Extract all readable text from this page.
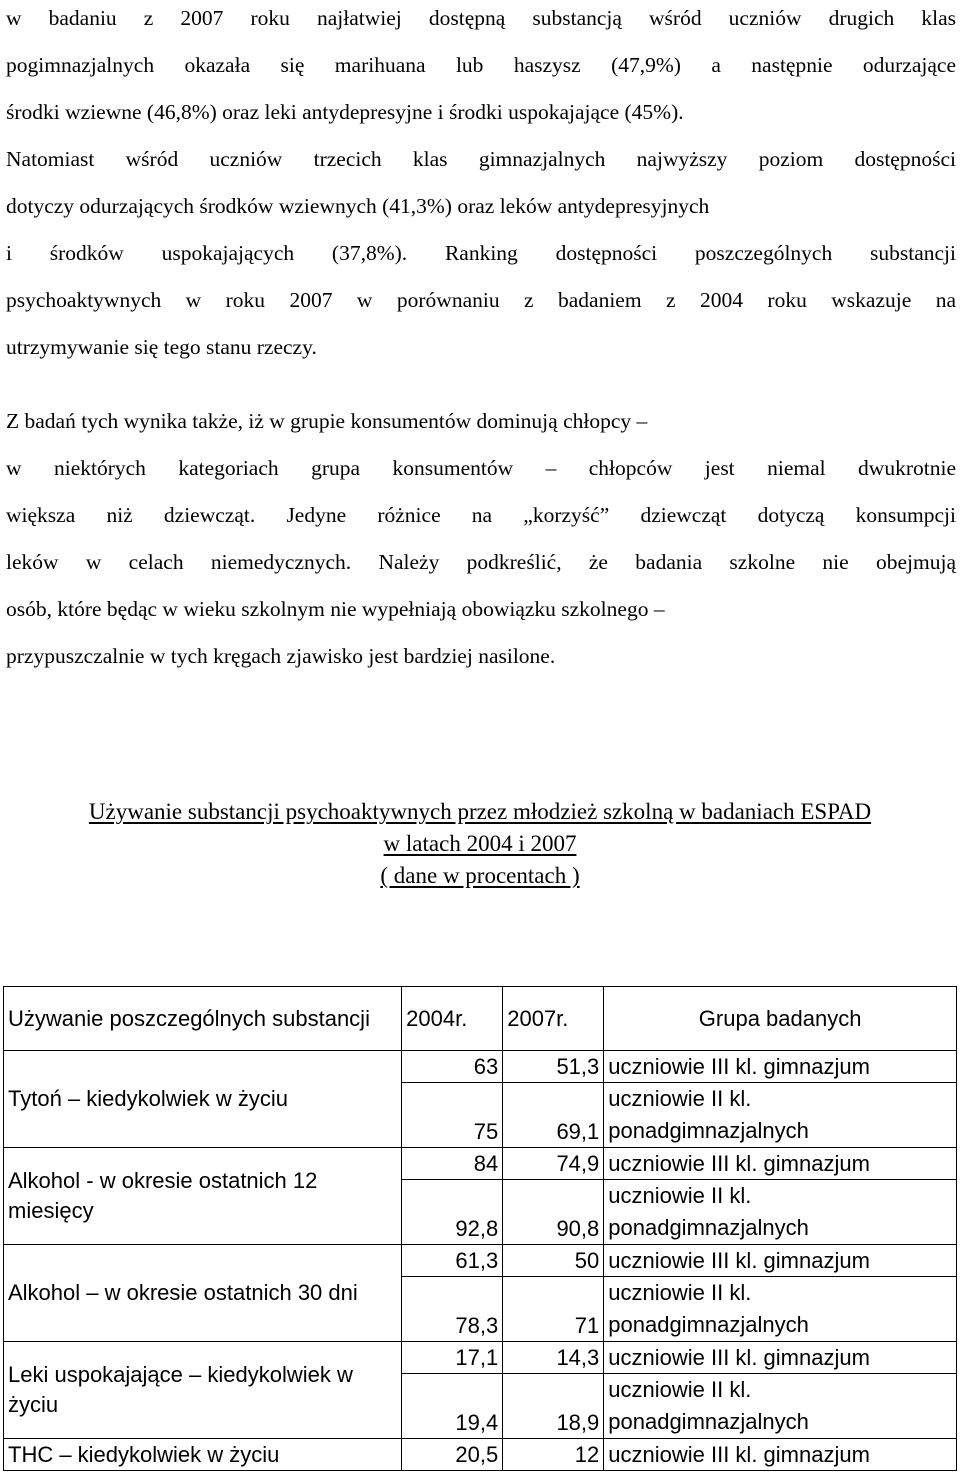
w badaniu z 2007 roku najłatwiej dostępną substancją wśród uczniów drugich klas
pogimnazjalnych okazała się marihuana lub haszysz (47,9%) a następnie odurzające
środki wziewne (46,8%) oraz leki antydepresyjne i środki uspokajające (45%).
Natomiast wśród uczniów trzecich klas gimnazjalnych najwyższy poziom dostępności
dotyczy odurzających środków wziewnych (41,3%) oraz leków antydepresyjnych
i środków uspokajających (37,8%). Ranking dostępności poszczególnych substancji
psychoaktywnych w roku 2007 w porównaniu z badaniem z 2004 roku wskazuje na
utrzymywanie się tego stanu rzeczy.
Z badań tych wynika także, iż w grupie konsumentów dominują chłopcy –
w niektórych kategoriach grupa konsumentów – chłopców jest niemal dwukrotnie
większa niż dziewcząt. Jedyne różnice na „korzyść” dziewcząt dotyczą konsumpcji
leków w celach niemedycznych. Należy podkreślić, że badania szkolne nie obejmują
osób, które będąc w wieku szkolnym nie wypełniają obowiązku szkolnego –
przypuszczalnie w tych kręgach zjawisko jest bardziej nasilone.
Używanie substancji psychoaktywnych przez młodzież szkolną w badaniach ESPAD
w latach 2004 i 2007
( dane w procentach )
Używanie poszczególnych substancji	2004r.	2007r.	Grupa badanych
Tytoń – kiedykolwiek w życiu	63	51,3	uczniowie III kl. gimnazjum
	75	69,1	uczniowie II kl.
ponadgimnazjalnych

Alkohol - w okresie ostatnich 12 miesięcy	84	74,9	uczniowie III kl. gimnazjum
	92,8	90,8	uczniowie II kl.
ponadgimnazjalnych

Alkohol – w okresie ostatnich 30 dni	61,3	50	uczniowie III kl. gimnazjum
	78,3	71	uczniowie II kl.
ponadgimnazjalnych

Leki uspokajające – kiedykolwiek w życiu	17,1	14,3	uczniowie III kl. gimnazjum
	19,4	18,9	uczniowie II kl.
ponadgimnazjalnych

THC – kiedykolwiek w życiu	20,5	12	uczniowie III kl. gimnazjum
